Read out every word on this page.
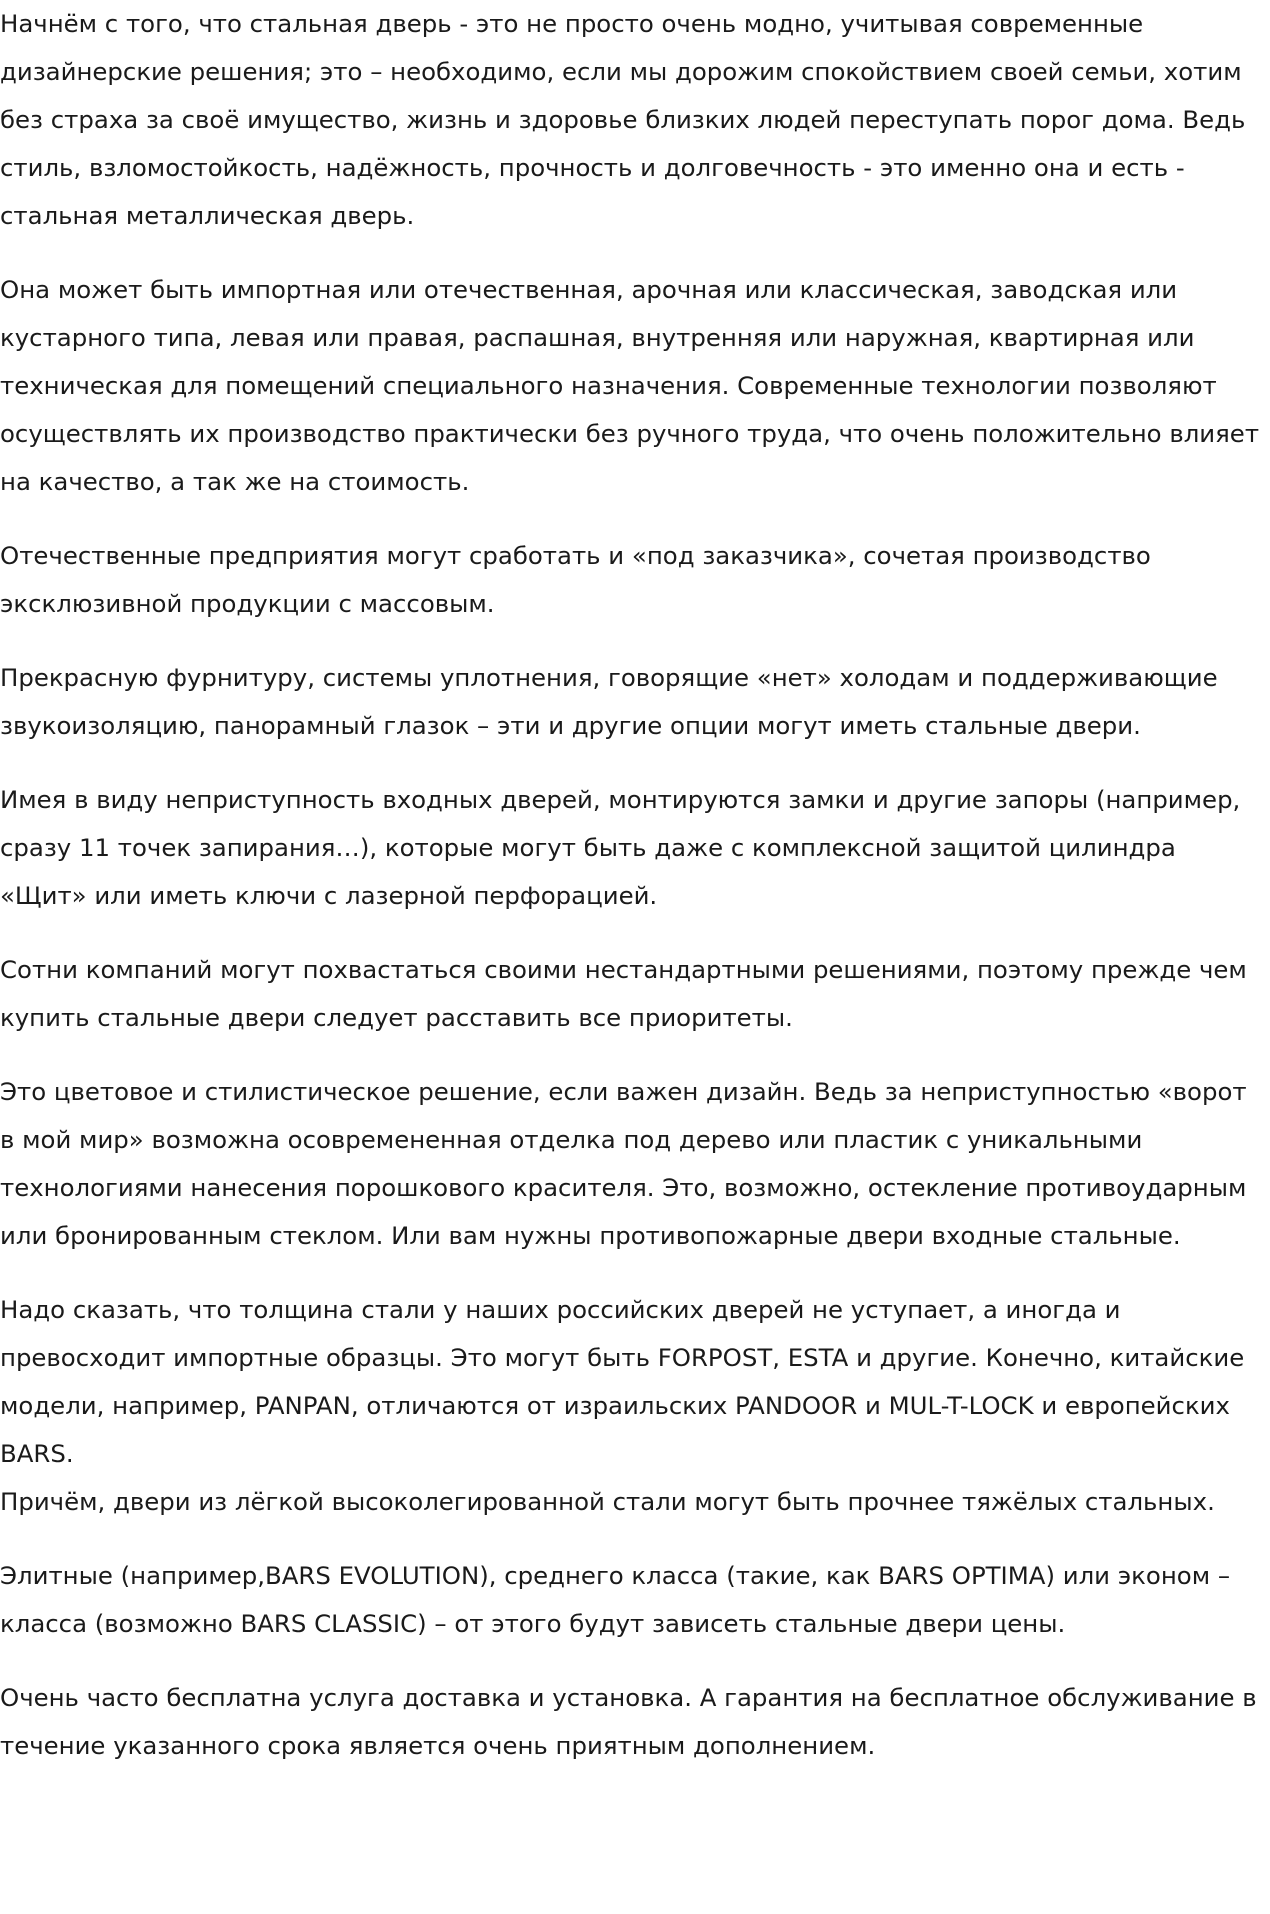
Начнём с того, что стальная дверь - это не просто очень модно, учитывая современные дизайнерские решения; это – необходимо, если мы дорожим спокойствием своей семьи, хотим без страха за своё имущество, жизнь и здоровье близких людей переступать порог дома. Ведь стиль, взломостойкость, надёжность, прочность и долговечность - это именно она и есть - стальная металлическая дверь.

Она может быть импортная или отечественная, арочная или классическая, заводская или кустарного типа, левая или правая, распашная, внутренняя или наружная, квартирная или техническая для помещений специального назначения. Современные технологии позволяют осуществлять их производство практически без ручного труда, что очень положительно влияет на качество, а так же на стоимость.

Отечественные предприятия могут сработать и «под заказчика», сочетая производство эксклюзивной продукции с массовым.

Прекрасную фурнитуру, системы уплотнения, говорящие «нет» холодам и поддерживающие звукоизоляцию, панорамный глазок – эти и другие опции могут иметь стальные двери.

Имея в виду неприступность входных дверей, монтируются замки и другие запоры (например, сразу 11 точек запирания…), которые могут быть даже с комплексной защитой цилиндра «Щит» или иметь ключи с лазерной перфорацией.

Сотни компаний могут похвастаться своими нестандартными решениями, поэтому прежде чем купить стальные двери следует расставить все приоритеты.

Это цветовое и стилистическое решение, если важен дизайн. Ведь за неприступностью «ворот в мой мир» возможна осовремененная отделка под дерево или пластик с уникальными технологиями нанесения порошкового красителя. Это, возможно, остекление противоударным или бронированным стеклом. Или вам нужны противопожарные двери входные стальные.

Надо сказать, что толщина стали у наших российских дверей не уступает, а иногда и превосходит импортные образцы. Это могут быть FORPOST, ESTA и другие. Конечно, китайские модели, например, PANPAN, отличаются от израильских PANDOOR и MUL-T-LOCK и европейских BARS.

Причём, двери из лёгкой высоколегированной стали могут быть прочнее тяжёлых стальных.

Элитные (например,BARS EVOLUTION), среднего класса (такие, как BARS OPTIMA) или эконом – класса (возможно BARS CLASSIC) – от этого будут зависеть стальные двери цены.

Очень часто бесплатна услуга доставка и установка. А гарантия на бесплатное обслуживание в течение указанного срока является очень приятным дополнением.
